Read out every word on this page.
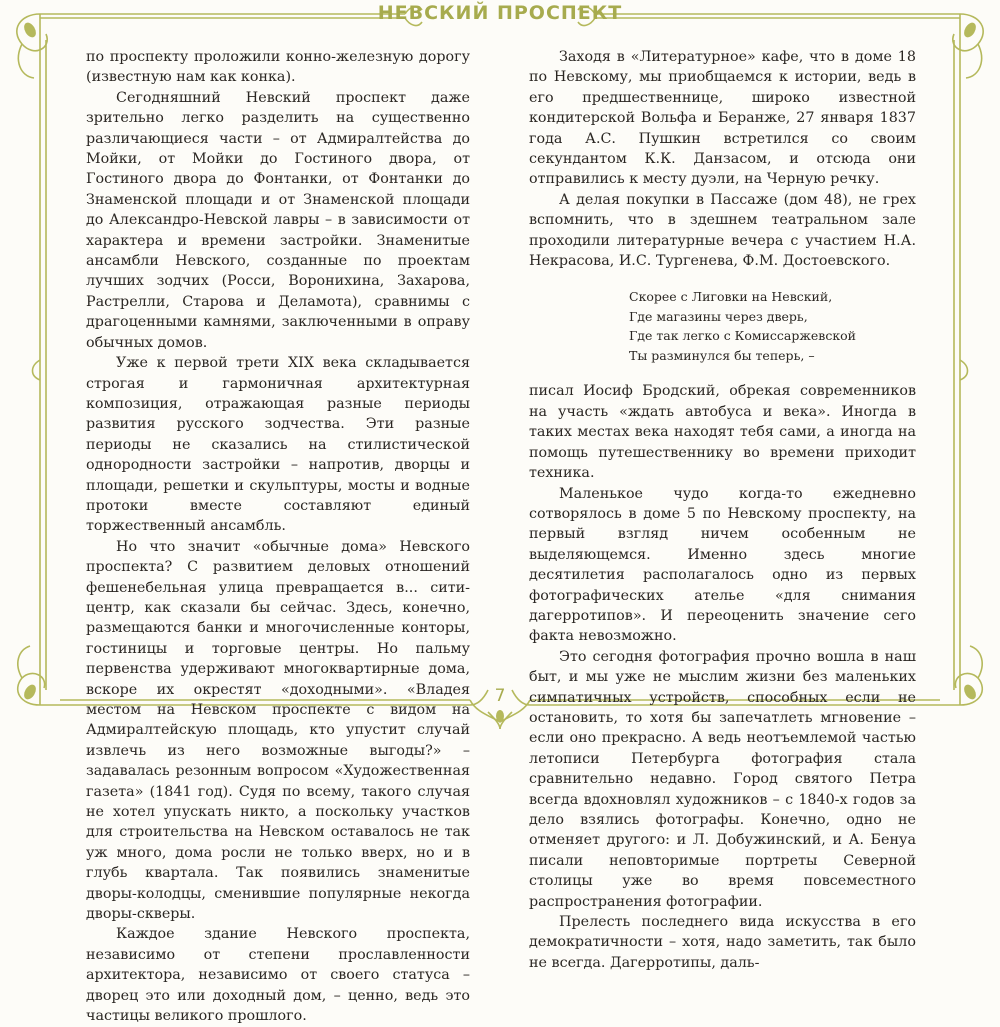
НЕВСКИЙ ПРОСПЕКТ

по проспекту проложили конно-железную дорогу (известную нам как конка).

Сегодняшний Невский проспект даже зрительно легко разделить на существенно различающиеся части – от Адмиралтейства до Мойки, от Мойки до Гостиного двора, от Гостиного двора до Фонтанки, от Фонтанки до Знаменской площади и от Знаменской площади до Александро-Невской лавры – в зависимости от характера и времени застройки. Знаменитые ансамбли Невского, созданные по проектам лучших зодчих (Росси, Воронихина, Захарова, Растрелли, Старова и Деламота), сравнимы с драгоценными камнями, заключенными в оправу обычных домов.

Уже к первой трети XIX века складывается строгая и гармоничная архитектурная композиция, отражающая разные периоды развития русского зодчества. Эти разные периоды не сказались на стилистической однородности застройки – напротив, дворцы и площади, решетки и скульптуры, мосты и водные протоки вместе составляют единый торжественный ансамбль.

Но что значит «обычные дома» Невского проспекта? С развитием деловых отношений фешенебельная улица превращается в... сити-центр, как сказали бы сейчас. Здесь, конечно, размещаются банки и многочисленные конторы, гостиницы и торговые центры. Но пальму первенства удерживают многоквартирные дома, вскоре их окрестят «доходными». «Владея местом на Невском проспекте с видом на Адмиралтейскую площадь, кто упустит случай извлечь из него возможные выгоды?» – задавалась резонным вопросом «Художественная газета» (1841 год). Судя по всему, такого случая не хотел упускать никто, а поскольку участков для строительства на Невском оставалось не так уж много, дома росли не только вверх, но и в глубь квартала. Так появились знаменитые дворы-колодцы, сменившие популярные некогда дворы-скверы.

Каждое здание Невского проспекта, независимо от степени прославленности архитектора, независимо от своего статуса – дворец это или доходный дом, – ценно, ведь это частицы великого прошлого.

Заходя в «Литературное» кафе, что в доме 18 по Невскому, мы приобщаемся к истории, ведь в его предшественнице, широко известной кондитерской Вольфа и Беранже, 27 января 1837 года А.С. Пушкин встретился со своим секундантом К.К. Данзасом, и отсюда они отправились к месту дуэли, на Черную речку.

А делая покупки в Пассаже (дом 48), не грех вспомнить, что в здешнем театральном зале проходили литературные вечера с участием Н.А. Некрасова, И.С. Тургенева, Ф.М. Достоевского.

Скорее с Лиговки на Невский,
Где магазины через дверь,
Где так легко с Комиссаржевской
Ты разминулся бы теперь, –

писал Иосиф Бродский, обрекая современников на участь «ждать автобуса и века». Иногда в таких местах века находят тебя сами, а иногда на помощь путешественнику во времени приходит техника.

Маленькое чудо когда-то ежедневно сотворялось в доме 5 по Невскому проспекту, на первый взгляд ничем особенным не выделяющемся. Именно здесь многие десятилетия располагалось одно из первых фотографических ателье «для снимания дагерротипов». И переоценить значение сего факта невозможно.

Это сегодня фотография прочно вошла в наш быт, и мы уже не мыслим жизни без маленьких симпатичных устройств, способных если не остановить, то хотя бы запечатлеть мгновение – если оно прекрасно. А ведь неотъемлемой частью летописи Петербурга фотография стала сравнительно недавно. Город святого Петра всегда вдохновлял художников – с 1840-х годов за дело взялись фотографы. Конечно, одно не отменяет другого: и Л. Добужинский, и А. Бенуа писали неповторимые портреты Северной столицы уже во время повсеместного распространения фотографии.

Прелесть последнего вида искусства в его демократичности – хотя, надо заметить, так было не всегда. Дагерротипы, даль-

7
